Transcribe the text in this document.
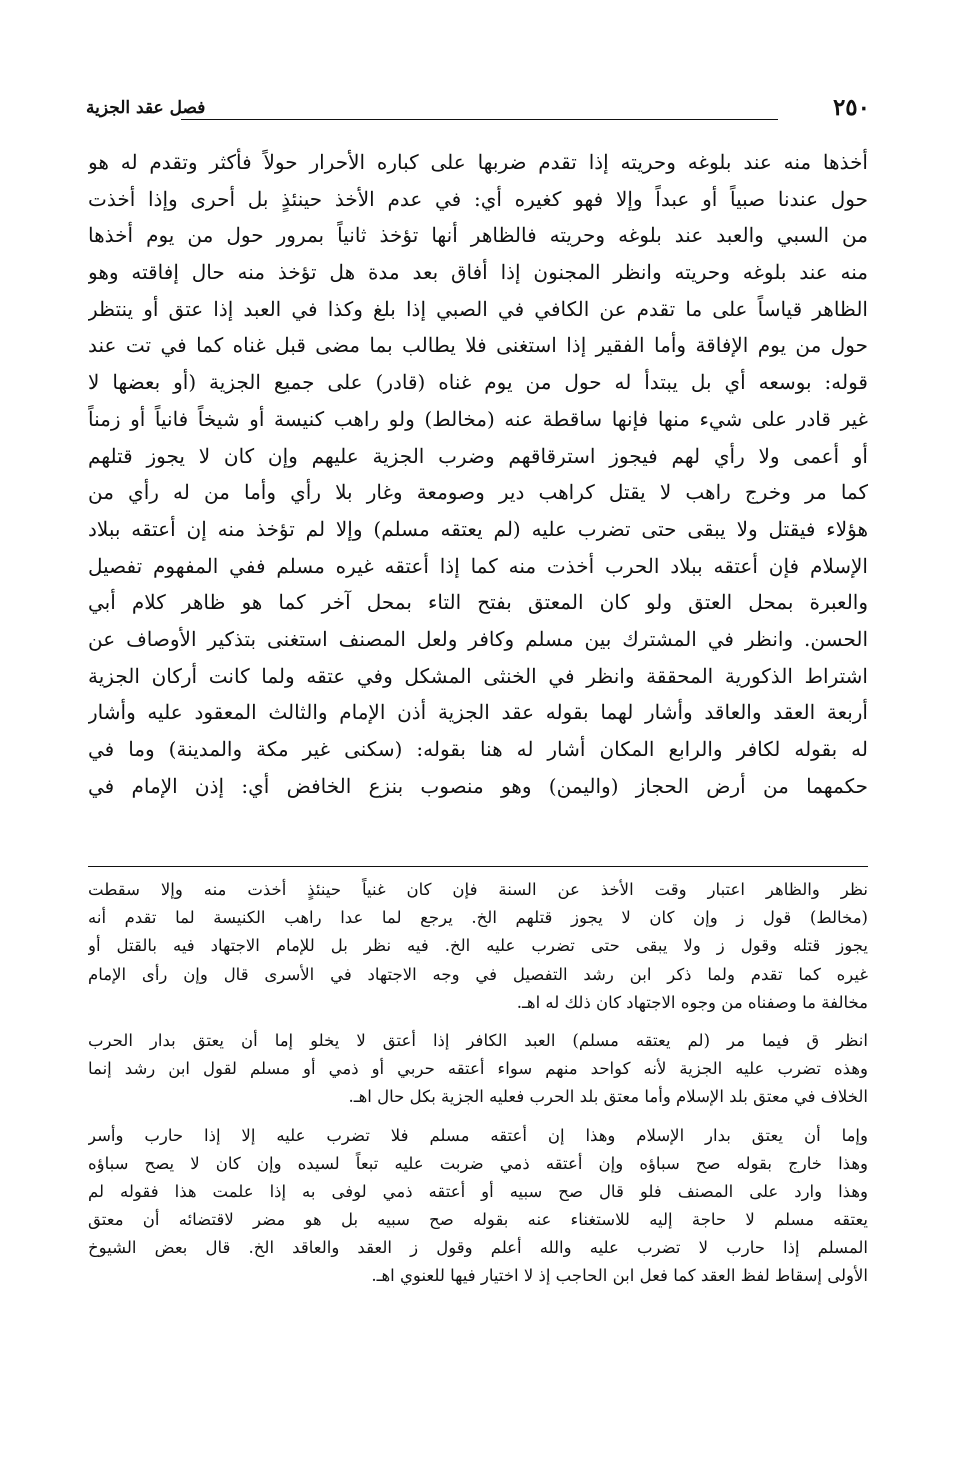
فصل عقد الجزية	٢٥٠
أخذها منه عند بلوغه وحريته إذا تقدم ضربها على كباره الأحرار حولاً فأكثر وتقدم له هو
حول عندنا صبياً أو عبداً وإلا فهو كغيره أي: في عدم الأخذ حينئذٍ بل أحرى وإذا أخذت
من السبي والعبد عند بلوغه وحريته فالظاهر أنها تؤخذ ثانياً بمرور حول من يوم أخذها
منه عند بلوغه وحريته وانظر المجنون إذا أفاق بعد مدة هل تؤخذ منه حال إفاقته وهو
الظاهر قياساً على ما تقدم عن الكافي في الصبي إذا بلغ وكذا في العبد إذا عتق أو ينتظر
حول من يوم الإفاقة وأما الفقير إذا استغنى فلا يطالب بما مضى قبل غناه كما في تت عند
قوله: بوسعه أي بل يبتدأ له حول من يوم غناه (قادر) على جميع الجزية (أو بعضها لا
غير قادر على شيء منها فإنها ساقطة عنه (مخالط) ولو راهب كنيسة أو شيخاً فانياً أو زمناً
أو أعمى ولا رأي لهم فيجوز استرقاقهم وضرب الجزية عليهم وإن كان لا يجوز قتلهم
كما مر وخرج راهب لا يقتل كراهب دير وصومعة وغار بلا رأي وأما من له رأي من
هؤلاء فيقتل ولا يبقى حتى تضرب عليه (لم يعتقه مسلم) وإلا لم تؤخذ منه إن أعتقه ببلاد
الإسلام فإن أعتقه ببلاد الحرب أخذت منه كما إذا أعتقه غيره مسلم ففي المفهوم تفصيل
والعبرة بمحل العتق ولو كان المعتق بفتح التاء بمحل آخر كما هو ظاهر كلام أبي
الحسن. وانظر في المشترك بين مسلم وكافر ولعل المصنف استغنى بتذكير الأوصاف عن
اشتراط الذكورية المحققة وانظر في الخنثى المشكل وفي عتقه ولما كانت أركان الجزية
أربعة العقد والعاقد وأشار لهما بقوله عقد الجزية أذن الإمام والثالث المعقود عليه وأشار
له بقوله لكافر والرابع المكان أشار له هنا بقوله: (سكنى غير مكة والمدينة) وما في
حكمهما من أرض الحجاز (واليمن) وهو منصوب بنزع الخافض أي: إذن الإمام في
نظر والظاهر اعتبار وقت الأخذ عن السنة فإن كان غنياً حينئذٍ أخذت منه وإلا سقطت
(مخالط) قول ز وإن كان لا يجوز قتلهم الخ. يرجع لما عدا راهب الكنيسة لما تقدم أنه
يجوز قتله وقول ز ولا يبقى حتى تضرب عليه الخ. فيه نظر بل للإمام الاجتهاد فيه بالقتل أو
غيره كما تقدم ولما ذكر ابن رشد التفصيل في وجه الاجتهاد في الأسرى قال وإن رأى الإمام
مخالفة ما وصفناه من وجوه الاجتهاد كان ذلك له اهـ.
انظر ق فيما مر (لم يعتقه مسلم) العبد الكافر إذا أعتق لا يخلو إما أن يعتق بدار الحرب
وهذه تضرب عليه الجزية لأنه كواحد منهم سواء أعتقه حربي أو ذمي أو مسلم لقول ابن رشد إنما
الخلاف في معتق بلد الإسلام وأما معتق بلد الحرب فعليه الجزية بكل حال اهـ.
وإما أن يعتق بدار الإسلام وهذا إن أعتقه مسلم فلا تضرب عليه إلا إذا حارب وأسر
وهذا خارج بقوله صح سباؤه وإن أعتقه ذمي ضربت عليه تبعاً لسيده وإن كان لا يصح سباؤه
وهذا وارد على المصنف فلو قال صح سبيه أو أعتقه ذمي لوفى به إذا علمت هذا فقوله لم
يعتقه مسلم لا حاجة إليه للاستغناء عنه بقوله صح سبيه بل هو مضر لاقتضائه أن معتق
المسلم إذا حارب لا تضرب عليه والله أعلم وقول ز العقد والعاقد الخ. قال بعض الشيوخ
الأولى إسقاط لفظ العقد كما فعل ابن الحاجب إذ لا اختيار فيها للعنوي اهـ.
